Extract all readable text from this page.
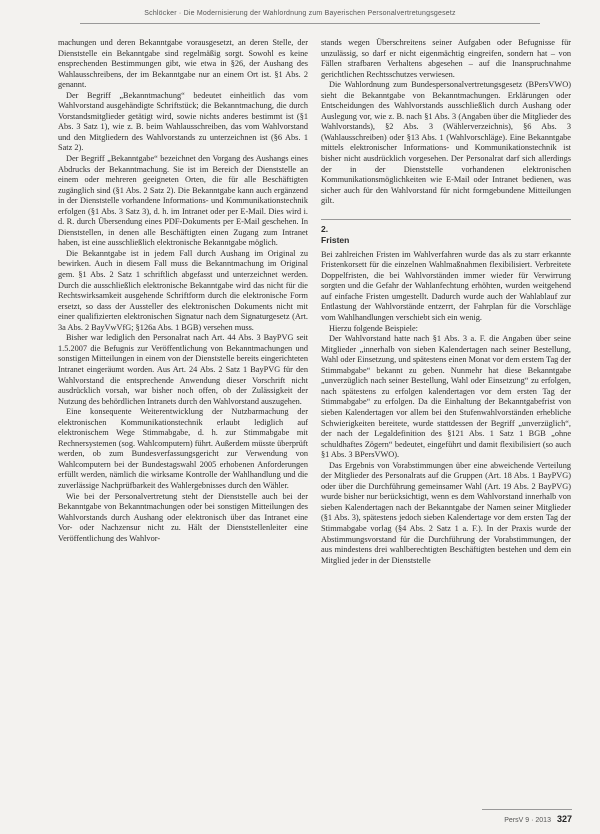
Schlöcker · Die Modernisierung der Wahlordnung zum Bayerischen Personalvertretungsgesetz

machungen und deren Bekanntgabe vorausgesetzt, an deren Stelle, der Dienststelle ein Bekanntgabe sind regelmäßig sorgt. Sowohl es keine ensprechenden Bestimmungen gibt, wie etwa in §26, der Aushang des Wahlausschreibens, der im Bekanntgabe nur an einem Ort ist. §1 Abs. 2 genannt.

Der Begriff „Bekanntmachung“ bedeutet einheitlich das vom Wahlvorstand ausgehändigte Schriftstück; die Bekanntmachung, die durch Vorstandsmitglieder getätigt wird, sowie nichts anderes bestimmt ist (§1 Abs. 3 Satz 1), wie z. B. beim Wahlausschreiben, das vom Wahlvorstand und den Mitgliedern des Wahlvorstands zu unterzeichnen ist (§6 Abs. 1 Satz 2).

Der Begriff „Bekanntgabe“ bezeichnet den Vorgang des Aushangs eines Abdrucks der Bekanntmachung. Sie ist im Bereich der Dienststelle an einem oder mehreren geeigneten Orten, die für alle Beschäftigten zugänglich sind (§1 Abs. 2 Satz 2). Die Bekanntgabe kann auch ergänzend in der Dienststelle vorhandene Informations- und Kommunikationstechnik erfolgen (§1 Abs. 3 Satz 3), d. h. im Intranet oder per E-Mail. Dies wird i. d. R. durch Übersendung eines PDF-Dokuments per E-Mail geschehen. In Dienststellen, in denen alle Beschäftigten einen Zugang zum Intranet haben, ist eine ausschließlich elektronische Bekanntgabe möglich.

Die Bekanntgabe ist in jedem Fall durch Aushang im Original zu bewirken. Auch in diesem Fall muss die Bekanntmachung im Original gem. §1 Abs. 2 Satz 1 schriftlich abgefasst und unterzeichnet werden. Durch die ausschließlich elektronische Bekanntgabe wird das nicht für die Rechtswirksamkeit ausgehende Schriftform durch die elektronische Form ersetzt, so dass der Aussteller des elektronischen Dokuments nicht mit einer qualifizierten elektronischen Signatur nach dem Signaturgesetz (Art. 3a Abs. 2 BayVwVfG; §126a Abs. 1 BGB) versehen muss.

Bisher war lediglich den Personalrat nach Art. 44 Abs. 3 BayPVG seit 1.5.2007 die Befugnis zur Veröffentlichung von Bekanntmachungen und sonstigen Mitteilungen in einem von der Dienststelle bereits eingerichteten Intranet eingeräumt worden. Aus Art. 24 Abs. 2 Satz 1 BayPVG für den Wahlvorstand die entsprechende Anwendung dieser Vorschrift nicht ausdrücklich vorsah, war bisher noch offen, ob der Zulässigkeit der Nutzung des behördlichen Intranets durch den Wahlvorstand auszugehen.

Eine konsequente Weiterentwicklung der Nutzbarmachung der elektronischen Kommunikationstechnik erlaubt lediglich auf elektronischem Wege Stimmabgabe, d. h. zur Stimmabgabe mit Rechnersystemen (sog. Wahlcomputern) führt. Außerdem müsste überprüft werden, ob zum Bundesverfassungsgericht zur Verwendung von Wahlcomputern bei der Bundestagswahl 2005 erhobenen Anforderungen erfüllt werden, nämlich die wirksame Kontrolle der Wahlhandlung und die zuverlässige Nachprüfbarkeit des Wahlergebnisses durch den Wähler.

Wie bei der Personalvertretung steht der Dienststelle auch bei der Bekanntgabe von Bekanntmachungen oder bei sonstigen Mitteilungen des Wahlvorstands durch Aushang oder elektronisch über das Intranet eine Vor- oder Nachzensur nicht zu. Hält der Dienststellenleiter eine Veröffentlichung des Wahlvor-

stands wegen Überschreitens seiner Aufgaben oder Befugnisse für unzulässig, so darf er nicht eigenmächtig eingreifen, sondern hat – von Fällen strafbaren Verhaltens abgesehen – auf die Inanspruchnahme gerichtlichen Rechtsschutzes verwiesen.

Die Wahlordnung zum Bundespersonalvertretungsgesetz (BPersVWO) sieht die Bekanntgabe von Bekanntmachungen. Erklärungen oder Entscheidungen des Wahlvorstands ausschließlich durch Aushang oder Auslegung vor, wie z. B. nach §1 Abs. 3 (Angaben über die Mitglieder des Wahlvorstands), §2 Abs. 3 (Wählerverzeichnis), §6 Abs. 3 (Wahlausschreiben) oder §13 Abs. 1 (Wahlvorschläge). Eine Bekanntgabe mittels elektronischer Informations- und Kommunikationstechnik ist bisher nicht ausdrücklich vorgesehen. Der Personalrat darf sich allerdings der in der Dienststelle vorhandenen elektronischen Kommunikationsmöglichkeiten wie E-Mail oder Intranet bedienen, was sicher auch für den Wahlvorstand für nicht formgebundene Mitteilungen gilt.

2.
Fristen

Bei zahlreichen Fristen im Wahlverfahren wurde das als zu starr erkannte Fristenkorsett für die einzelnen Wahlmaßnahmen flexibilisiert. Verbreitete Doppelfristen, die bei Wahlvorständen immer wieder für Verwirrung sorgten und die Gefahr der Wahlanfechtung erhöhten, wurden weitgehend auf einfache Fristen umgestellt. Dadurch wurde auch der Wahlablauf zur Entlastung der Wahlvorstände entzerrt, der Fahrplan für die Vorschläge vom Wahlhandlungen verschiebt sich ein wenig.

Hierzu folgende Beispiele:

Der Wahlvorstand hatte nach §1 Abs. 3 a. F. die Angaben über seine Mitglieder „innerhalb von sieben Kalendertagen nach seiner Bestellung, Wahl oder Einsetzung, und spätestens einen Monat vor dem erstem Tag der Stimmabgabe“ bekannt zu geben. Nunmehr hat diese Bekanntgabe „unverzüglich nach seiner Bestellung, Wahl oder Einsetzung“ zu erfolgen, nach spätestens zu erfolgen kalendertagen vor dem ersten Tag der Stimmabgabe“ zu erfolgen. Da die Einhaltung der Bekanntgabefrist von sieben Kalendertagen vor allem bei den Stufenwahlvorständen erhebliche Schwierigkeiten bereitete, wurde stattdessen der Begriff „unverzüglich“, der nach der Legaldefinition des §121 Abs. 1 Satz 1 BGB „ohne schuldhaftes Zögern“ bedeutet, eingeführt und damit flexibilisiert (so auch §1 Abs. 3 BPersVWO).

Das Ergebnis von Vorabstimmungen über eine abweichende Verteilung der Mitglieder des Personalrats auf die Gruppen (Art. 18 Abs. 1 BayPVG) oder über die Durchführung gemeinsamer Wahl (Art. 19 Abs. 2 BayPVG) wurde bisher nur berücksichtigt, wenn es dem Wahlvorstand innerhalb von sieben Kalendertagen nach der Bekanntgabe der Namen seiner Mitglieder (§1 Abs. 3), spätestens jedoch sieben Kalendertage vor dem ersten Tag der Stimmabgabe vorlag (§4 Abs. 2 Satz 1 a. F.). In der Praxis wurde der Abstimmungsvorstand für die Durchführung der Vorabstimmungen, der aus mindestens drei wahlberechtigten Beschäftigten bestehen und dem ein Mitglied jeder in der Dienststelle

PersV 9 · 2013 327
